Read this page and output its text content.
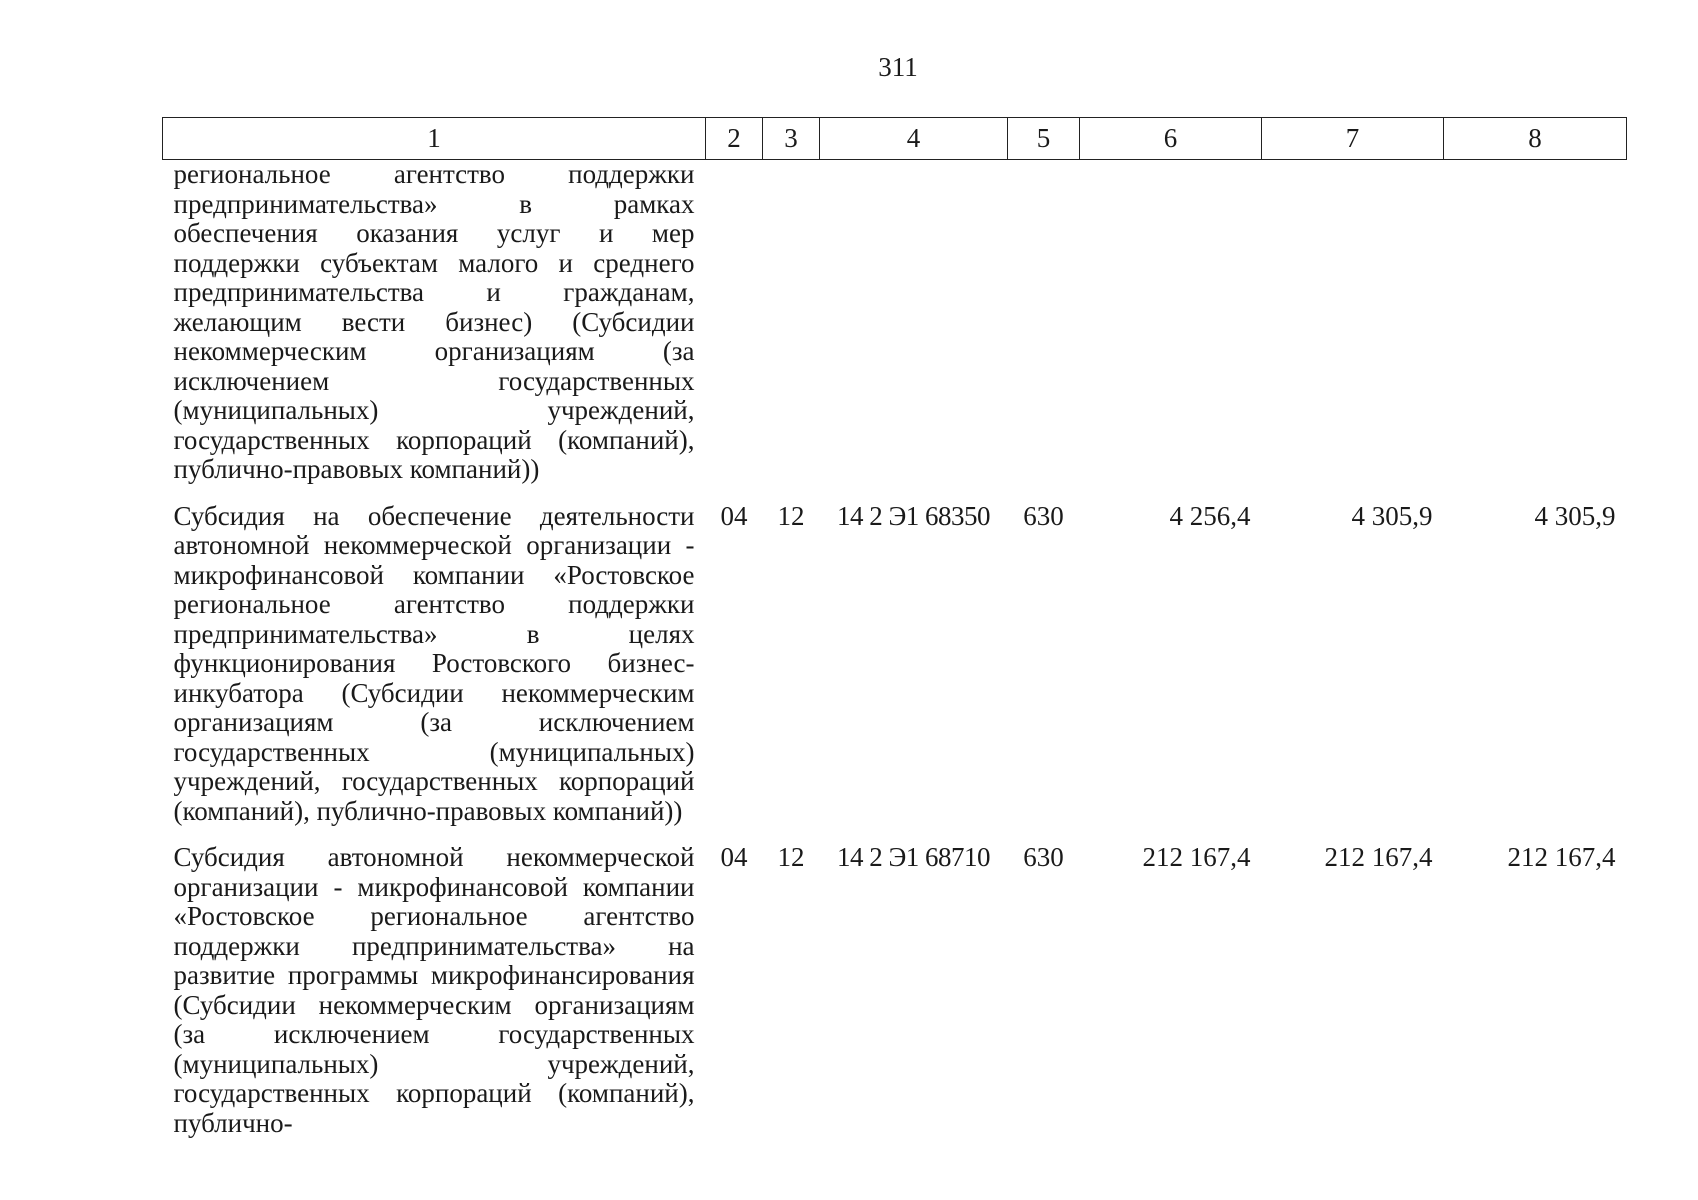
311
1	2	3	4	5	6	7	8
региональное агентство поддержки предпринимательства» в рамках обеспечения оказания услуг и мер поддержки субъектам малого и среднего предпринимательства и гражданам, желающим вести бизнес) (Субсидии некоммерческим организациям (за исключением государственных (муниципальных) учреждений, государственных корпораций (компаний), публично-правовых компаний))							
Субсидия на обеспечение деятельности автономной некоммерческой организации - микрофинансовой компании «Ростовское региональное агентство поддержки предпринимательства» в целях функционирования Ростовского бизнес-инкубатора (Субсидии некоммерческим организациям (за исключением государственных (муниципальных) учреждений, государственных корпораций (компаний), публично-правовых компаний))	04	12	14 2 Э1 68350	630	4 256,4	4 305,9	4 305,9
Субсидия автономной некоммерческой организации - микрофинансовой компании «Ростовское региональное агентство поддержки предпринимательства» на развитие программы микрофинансирования (Субсидии некоммерческим организациям (за исключением государственных (муниципальных) учреждений, государственных корпораций (компаний), публично-	04	12	14 2 Э1 68710	630	212 167,4	212 167,4	212 167,4
